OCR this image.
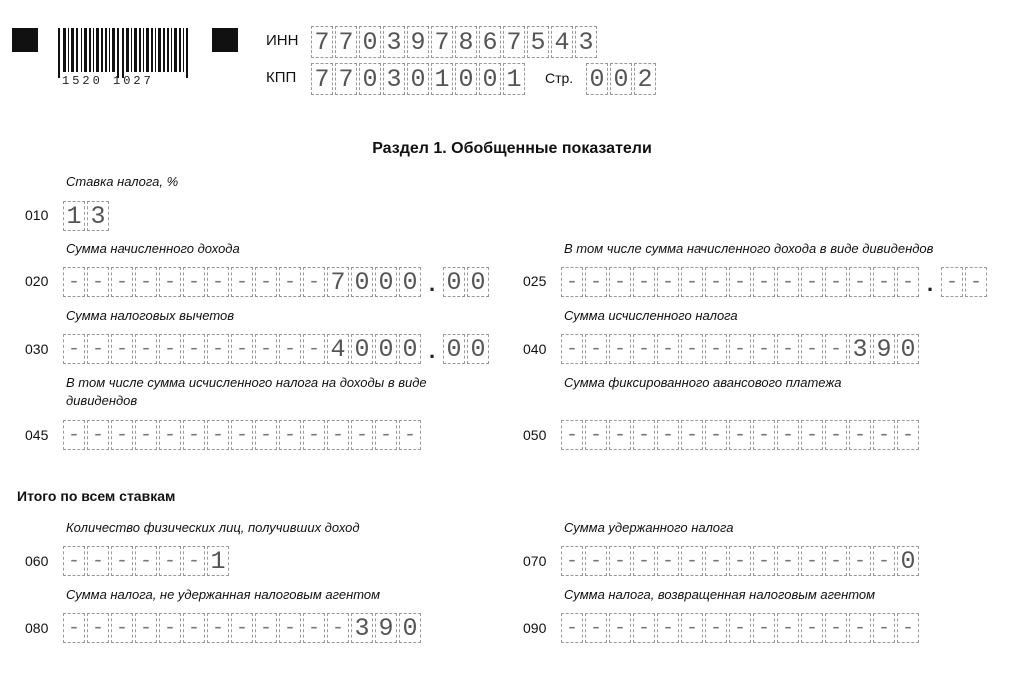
1520 1027
ИНН 7 7 0 3 9 7 8 6 7 5 4 3
КПП 7 7 0 3 0 1 0 0 1 Стр. 0 0 2
Раздел 1. Обобщенные показатели
Ставка налога, %
010 1 3
Сумма начисленного дохода
020 - - - - - - - - - - - 7 0 0 0 . 0 0
В том числе сумма начисленного дохода в виде дивидендов
025 - - - - - - - - - - - - - - - . - -
Сумма налоговых вычетов
030 - - - - - - - - - - - 4 0 0 0 . 0 0
Сумма исчисленного налога
040 - - - - - - - - - - - - 3 9 0
В том числе сумма исчисленного налога на доходы в виде дивидендов
045 - - - - - - - - - - - - - - -
Сумма фиксированного авансового платежа
050 - - - - - - - - - - - - - - -
Итого по всем ставкам
Количество физических лиц, получивших доход
060 - - - - - - 1
Сумма удержанного налога
070 - - - - - - - - - - - - - - 0
Сумма налога, не удержанная налоговым агентом
080 - - - - - - - - - - - - 3 9 0
Сумма налога, возвращенная налоговым агентом
090 - - - - - - - - - - - - - - -
